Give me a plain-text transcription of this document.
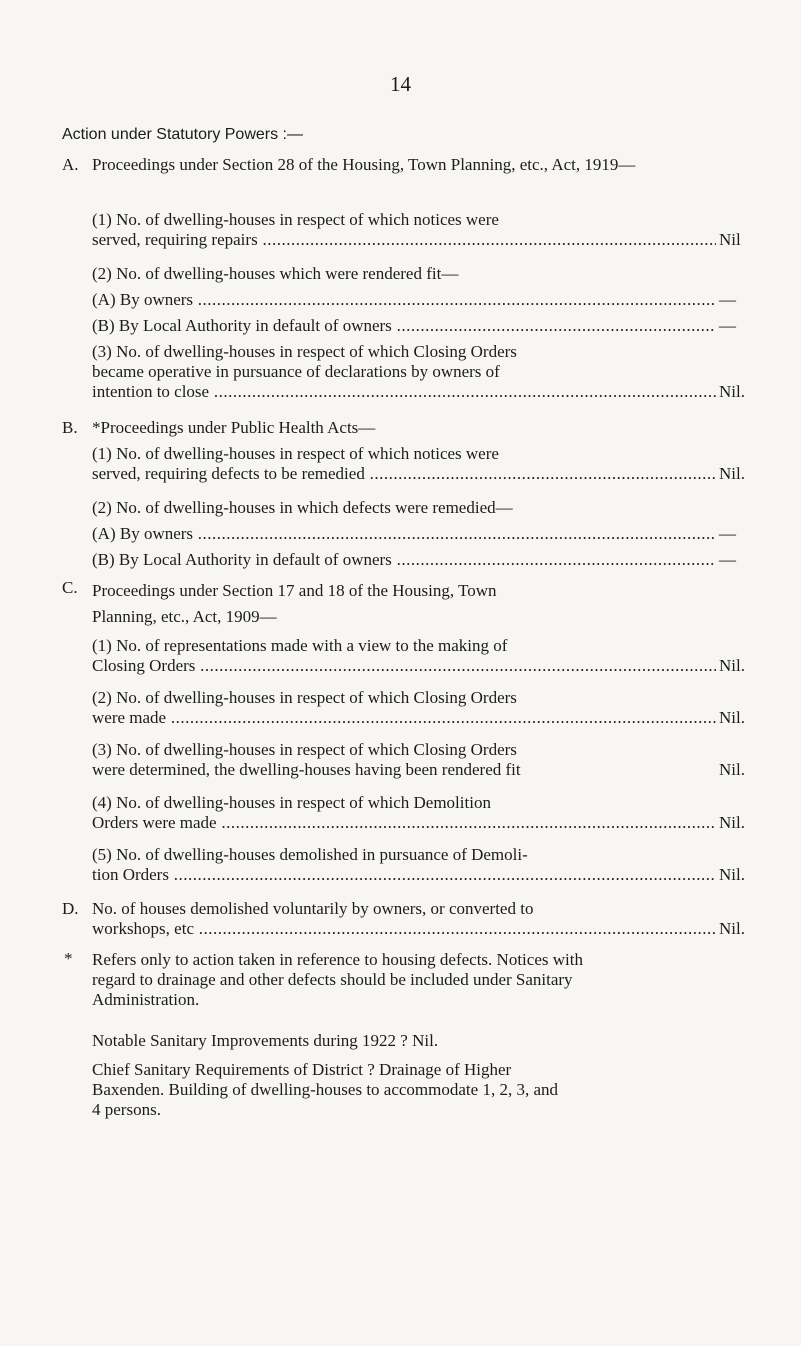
14
Action under Statutory Powers :—
A. Proceedings under Section 28 of the Housing, Town Planning, etc., Act, 1919—
(1) No. of dwelling-houses in respect of which notices were
served, requiring repairs .....	Nil
(2) No. of dwelling-houses which were rendered fit—
(A) By owners .....	—
(B) By Local Authority in default of owners .....	—
(3) No. of dwelling-houses in respect of which Closing Orders
became operative in pursuance of declarations by owners of
intention to close .....	Nil.
B. *Proceedings under Public Health Acts—
(1) No. of dwelling-houses in respect of which notices were
served, requiring defects to be remedied .....	Nil.
(2) No. of dwelling-houses in which defects were remedied—
(A) By owners .....	—
(B) By Local Authority in default of owners .....	—
C. Proceedings under Section 17 and 18 of the Housing, Town
Planning, etc., Act, 1909—
(1) No. of representations made with a view to the making of
Closing Orders .....	Nil.
(2) No. of dwelling-houses in respect of which Closing Orders
were made .....	Nil.
(3) No. of dwelling-houses in respect of which Closing Orders
were determined, the dwelling-houses having been rendered fit	Nil.
(4) No. of dwelling-houses in respect of which Demolition
Orders were made .....	Nil.
(5) No. of dwelling-houses demolished in pursuance of Demoli-
tion Orders .....	Nil.
D. No. of houses demolished voluntarily by owners, or converted to
workshops, etc .....	Nil.
* Refers only to action taken in reference to housing defects. Notices with
regard to drainage and other defects should be included under Sanitary
Administration.
Notable Sanitary Improvements during 1922 ? Nil.
Chief Sanitary Requirements of District ? Drainage of Higher
Baxenden. Building of dwelling-houses to accommodate 1, 2, 3, and
4 persons.
